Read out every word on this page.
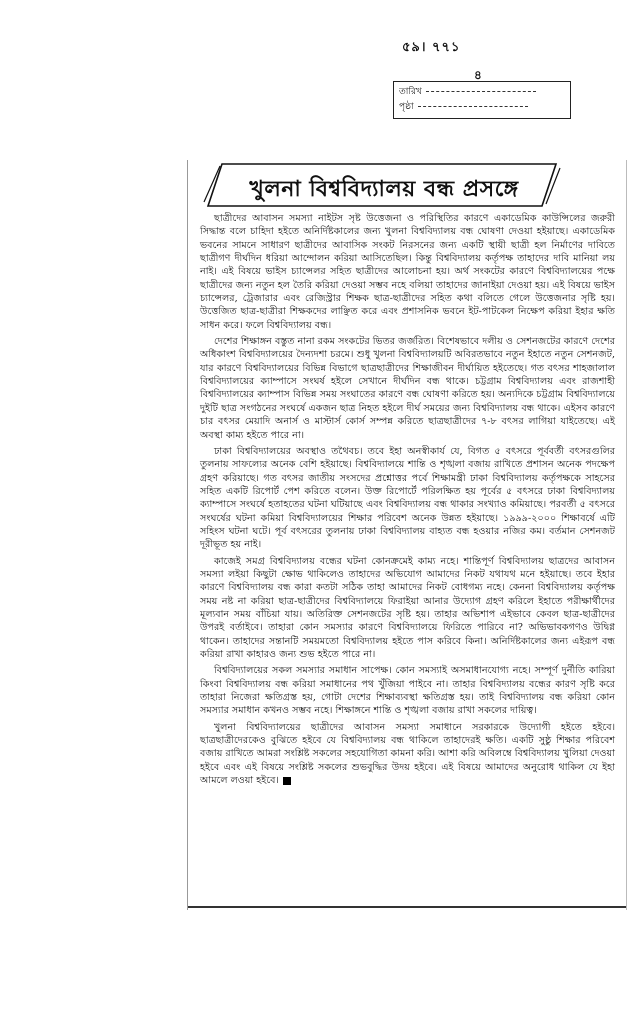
৫৯। ৭৭১
৪
তারিখ
পৃষ্ঠা
খুলনা বিশ্ববিদ্যালয় বন্ধ প্রসঙ্গে

ছাত্রীদের আবাসন সমস্যা নাইটস সৃষ্ট উত্তেজনা ও পরিস্থিতির কারণে একাডেমিক কাউন্সিলের জরুরী সিদ্ধান্ত বলে চাহিদা হইতে অনির্দিষ্টকালের জন্য খুলনা বিশ্ববিদ্যালয় বন্ধ ঘোষণা দেওয়া হইয়াছে। একাডেমিক ভবনের সামনে সাধারণ ছাত্রীদের আবাসিক সংকট নিরসনের জন্য একটি স্থায়ী ছাত্রী হল নির্মাণের দাবিতে ছাত্রীগণ দীর্ঘদিন ধরিয়া আন্দোলন করিয়া আসিতেছিল। কিন্তু বিশ্ববিদ্যালয় কর্তৃপক্ষ তাহাদের দাবি মানিয়া লয় নাই। এই বিষয়ে ভাইস চ্যান্সেলর সহিত ছাত্রীদের আলোচনা হয়। অর্থ সংকটের কারণে বিশ্ববিদ্যালয়ের পক্ষে ছাত্রীদের জন্য নতুন হল তৈরি করিয়া দেওয়া সম্ভব নহে বলিয়া তাহাদের জানাইয়া দেওয়া হয়। এই বিষয়ে ভাইস চ্যান্সেলর, ট্রেজারার এবং রেজিস্ট্রার শিক্ষক ছাত্র-ছাত্রীদের সহিত কথা বলিতে গেলে উত্তেজনার সৃষ্টি হয়। উত্তেজিত ছাত্র-ছাত্রীরা শিক্ষকদের লাঞ্ছিত করে এবং প্রশাসনিক ভবনে ইট-পাটকেল নিক্ষেপ করিয়া ইহার ক্ষতি সাধন করে। ফলে বিশ্ববিদ্যালয় বন্ধ।

দেশের শিক্ষাঙ্গন বস্তুত নানা রকম সংকটের ভিতর জর্জরিত। বিশেষভাবে দলীয় ও সেশনজটের কারণে দেশের অধিকাংশ বিশ্ববিদ্যালয়ের দৈন্যদশা চরমে। শুধু খুলনা বিশ্ববিদ্যালয়টি অবিরতভাবে নতুন ইহাতে নতুন সেশনজট, যার কারণে বিশ্ববিদ্যালয়ের বিভিন্ন বিভাগে ছাত্রছাত্রীদের শিক্ষাজীবন দীর্ঘায়িত হইতেছে। গত বৎসর শাহজালাল বিশ্ববিদ্যালয়ের ক্যাম্পাসে সংঘর্ষ হইলে সেখানে দীর্ঘদিন বন্ধ থাকে। চট্টগ্রাম বিশ্ববিদ্যালয় এবং রাজশাহী বিশ্ববিদ্যালয়ের ক্যাম্পাস বিভিন্ন সময় সংঘাতের কারণে বন্ধ ঘোষণা করিতে হয়। অন্যদিকে চট্টগ্রাম বিশ্ববিদ্যালয়ে দুইটি ছাত্র সংগঠনের সংঘর্ষে একজন ছাত্র নিহত হইলে দীর্ঘ সময়ের জন্য বিশ্ববিদ্যালয় বন্ধ থাকে। এইসব কারণে চার বৎসর মেয়াদি অনার্স ও মাস্টার্স কোর্স সম্পন্ন করিতে ছাত্রছাত্রীদের ৭-৮ বৎসর লাগিয়া যাইতেছে। এই অবস্থা কাম্য হইতে পারে না।

ঢাকা বিশ্ববিদ্যালয়ের অবস্থাও তথৈবচ। তবে ইহা অনস্বীকার্য যে, বিগত ৫ বৎসরে পূর্ববর্তী বৎসরগুলির তুলনায় সাফল্যের অনেক বেশি হইয়াছে। বিশ্ববিদ্যালয়ে শান্তি ও শৃঙ্খলা বজায় রাখিতে প্রশাসন অনেক পদক্ষেপ গ্রহণ করিয়াছে। গত বৎসর জাতীয় সংসদের প্রশ্নোত্তর পর্বে শিক্ষামন্ত্রী ঢাকা বিশ্ববিদ্যালয় কর্তৃপক্ষকে সাহসের সহিত একটি রিপোর্ট পেশ করিতে বলেন। উক্ত রিপোর্টে পরিলক্ষিত হয় পূর্বের ৫ বৎসরে ঢাকা বিশ্ববিদ্যালয় ক্যাম্পাসে সংঘর্ষে হতাহতের ঘটনা ঘটিয়াছে এবং বিশ্ববিদ্যালয় বন্ধ থাকার সংখ্যাও কমিয়াছে। পরবর্তী ৫ বৎসরে সংঘর্ষের ঘটনা কমিয়া বিশ্ববিদ্যালয়ের শিক্ষার পরিবেশ অনেক উন্নত হইয়াছে। ১৯৯৯-২০০০ শিক্ষাবর্ষে এটি সহিংস ঘটনা ঘটে। পূর্ব বৎসরের তুলনায় ঢাকা বিশ্ববিদ্যালয় বাহ্যত বন্ধ হওয়ার নজির কম। বর্তমান সেশনজট দূরীভূত হয় নাই।

কাজেই সমগ্র বিশ্ববিদ্যালয় বন্ধের ঘটনা কোনক্রমেই কাম্য নহে। শান্তিপূর্ণ বিশ্ববিদ্যালয় ছাত্রদের আবাসন সমস্যা লইয়া কিছুটা ক্ষোভ থাকিলেও তাহাদের অভিযোগ আমাদের নিকট যথাযথ মনে হইয়াছে। তবে ইহার কারণে বিশ্ববিদ্যালয় বন্ধ কারা কতটা সঠিক তাহা আমাদের নিকট বোধগম্য নহে। কেননা বিশ্ববিদ্যালয় কর্তৃপক্ষ সময় নষ্ট না করিয়া ছাত্র-ছাত্রীদের বিশ্ববিদ্যালয়ে ফিরাইয়া আনার উদ্যোগ গ্রহণ করিলে ইহাতে পরীক্ষার্থীদের মূল্যবান সময় বাঁচিয়া যায়। অতিরিক্ত সেশনজটের সৃষ্টি হয়। তাহার অভিশাপ এইভাবে কেবল ছাত্র-ছাত্রীদের উপরই বর্তাইবে। তাহারা কোন সমস্যার কারণে বিশ্ববিদ্যালয়ে ফিরিতে পারিবে না? অভিভাবকগণও উদ্বিগ্ন থাকেন। তাহাদের সন্তানটি সময়মতো বিশ্ববিদ্যালয় হইতে পাস করিবে কিনা। অনির্দিষ্টকালের জন্য এইরূপ বন্ধ করিয়া রাখা কাহারও জন্য শুভ হইতে পারে না।

বিশ্ববিদ্যালয়ের সকল সমস্যার সমাধান সাপেক্ষ। কোন সমস্যাই অসমাধানযোগ্য নহে। সম্পূর্ণ দুর্নীতি কারিয়া কিংবা বিশ্ববিদ্যালয় বন্ধ করিয়া সমাধানের পথ খুঁজিয়া পাইবে না। তাহার বিশ্ববিদ্যালয় বন্ধের কারণ সৃষ্টি করে তাহারা নিজেরা ক্ষতিগ্রস্ত হয়, গোটা দেশের শিক্ষাব্যবস্থা ক্ষতিগ্রস্ত হয়। তাই বিশ্ববিদ্যালয় বন্ধ করিয়া কোন সমস্যার সমাধান কখনও সম্ভব নহে। শিক্ষাঙ্গনে শান্তি ও শৃঙ্খলা বজায় রাখা সকলের দায়িত্ব।

খুলনা বিশ্ববিদ্যালয়ের ছাত্রীদের আবাসন সমস্যা সমাধানে সরকারকে উদ্যোগী হইতে হইবে। ছাত্রছাত্রীদেরকেও বুঝিতে হইবে যে বিশ্ববিদ্যালয় বন্ধ থাকিলে তাহাদেরই ক্ষতি। একটি সুষ্ঠু শিক্ষার পরিবেশ বজায় রাখিতে আমরা সংশ্লিষ্ট সকলের সহযোগিতা কামনা করি। আশা করি অবিলম্বে বিশ্ববিদ্যালয় খুলিয়া দেওয়া হইবে এবং এই বিষয়ে সংশ্লিষ্ট সকলের শুভবুদ্ধির উদয় হইবে। এই বিষয়ে আমাদের অনুরোধ থাকিল যে ইহা আমলে লওয়া হইবে।
